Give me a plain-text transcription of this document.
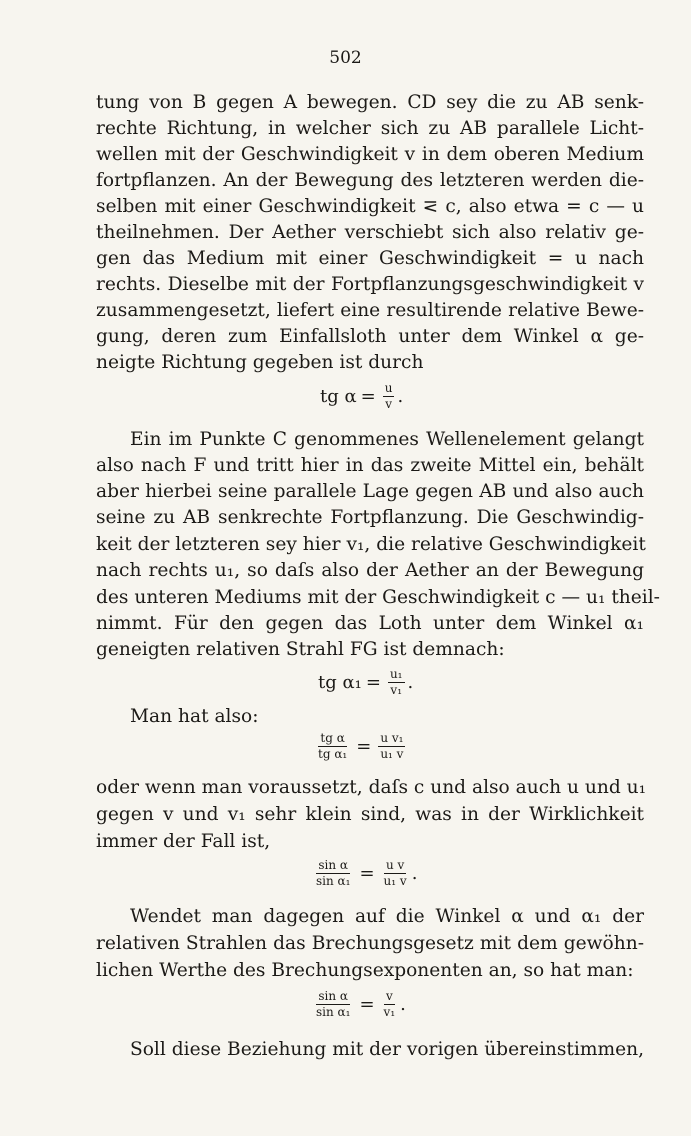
502
tung von B gegen A bewegen. CD sey die zu AB senk-
rechte Richtung, in welcher sich zu AB parallele Licht-
wellen mit der Geschwindigkeit v in dem oberen Medium
fortpflanzen. An der Bewegung des letzteren werden die-
selben mit einer Geschwindigkeit ⋜ c, also etwa = c — u
theilnehmen. Der Aether verschiebt sich also relativ ge-
gen das Medium mit einer Geschwindigkeit = u nach
rechts. Dieselbe mit der Fortpflanzungsgeschwindigkeit v
zusammengesetzt, liefert eine resultirende relative Bewe-
gung, deren zum Einfallsloth unter dem Winkel α ge-
neigte Richtung gegeben ist durch
tg $\alpha = \frac{u}{v}$ .
Ein im Punkte C genommenes Wellenelement gelangt
also nach F und tritt hier in das zweite Mittel ein, behält
aber hierbei seine parallele Lage gegen AB und also auch
seine zu AB senkrechte Fortpflanzung. Die Geschwindig-
keit der letzteren sey hier v₁, die relative Geschwindigkeit
nach rechts u₁, so daſs also der Aether an der Bewegung
des unteren Mediums mit der Geschwindigkeit c — u₁ theil-
nimmt. Für den gegen das Loth unter dem Winkel α₁
geneigten relativen Strahl FG ist demnach:
tg $\alpha_1 = \frac{\text{u₁}}{\text{v₁}}$ .
Man hat also:
$\frac{\text{tg α}}{\text{tg α₁}} = \frac{\text{u v₁}}{\text{u₁ v}}$
oder wenn man voraussetzt, daſs c und also auch u und u₁
gegen v und v₁ sehr klein sind, was in der Wirklichkeit
immer der Fall ist,
$\frac{\text{sin α}}{\text{sin α₁}} = \frac{\text{u v}}{\text{u₁ v}}$ .
Wendet man dagegen auf die Winkel α und α₁ der
relativen Strahlen das Brechungsgesetz mit dem gewöhn-
lichen Werthe des Brechungsexponenten an, so hat man:
$\frac{\text{sin α}}{\text{sin α₁}} = \frac{v}{\text{v₁}}$ .
Soll diese Beziehung mit der vorigen übereinstimmen,
